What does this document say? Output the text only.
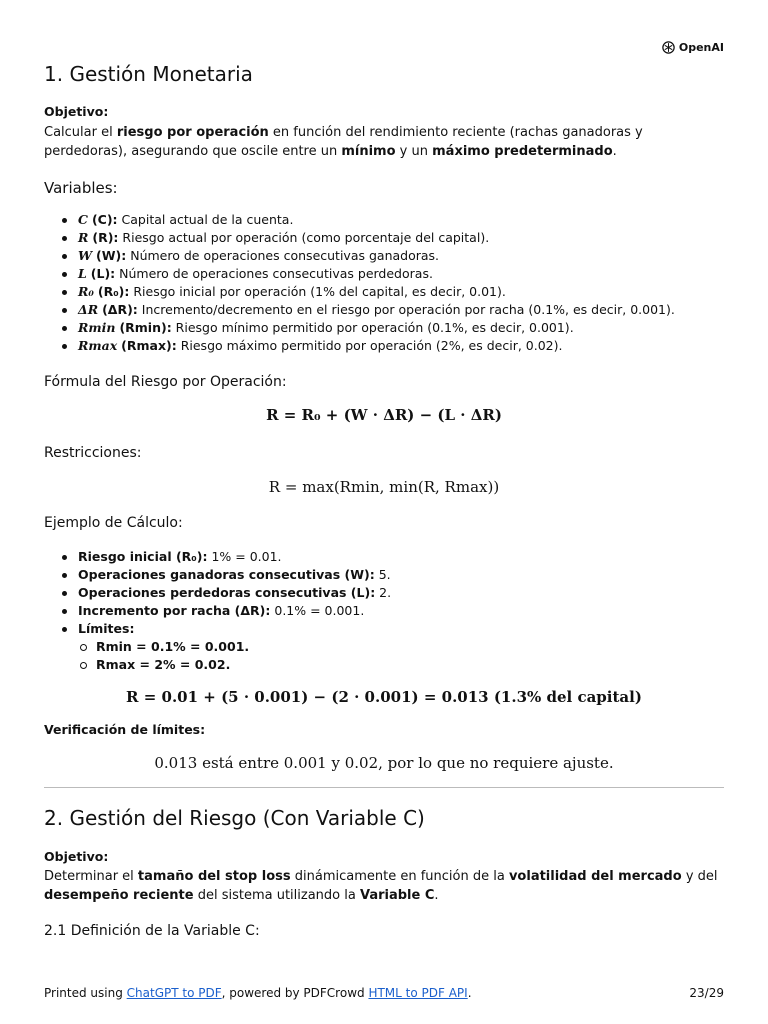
OpenAI
1. Gestión Monetaria
Objetivo:
Calcular el riesgo por operación en función del rendimiento reciente (rachas ganadoras y perdedoras), asegurando que oscile entre un mínimo y un máximo predeterminado.
Variables:
C (C): Capital actual de la cuenta.
R (R): Riesgo actual por operación (como porcentaje del capital).
W (W): Número de operaciones consecutivas ganadoras.
L (L): Número de operaciones consecutivas perdedoras.
R₀ (R₀): Riesgo inicial por operación (1% del capital, es decir, 0.01).
ΔR (ΔR): Incremento/decremento en el riesgo por operación por racha (0.1%, es decir, 0.001).
Rmin (Rmin): Riesgo mínimo permitido por operación (0.1%, es decir, 0.001).
Rmax (Rmax): Riesgo máximo permitido por operación (2%, es decir, 0.02).
Fórmula del Riesgo por Operación:
R = R₀ + (W · ΔR) − (L · ΔR)
Restricciones:
R = max(Rmin, min(R, Rmax))
Ejemplo de Cálculo:
Riesgo inicial (R₀): 1% = 0.01.
Operaciones ganadoras consecutivas (W): 5.
Operaciones perdedoras consecutivas (L): 2.
Incremento por racha (ΔR): 0.1% = 0.001.
Límites:
Rmin = 0.1% = 0.001.
Rmax = 2% = 0.02.
R = 0.01 + (5 · 0.001) − (2 · 0.001) = 0.013 (1.3% del capital)
Verificación de límites:
0.013 está entre 0.001 y 0.02, por lo que no requiere ajuste.
2. Gestión del Riesgo (Con Variable C)
Objetivo:
Determinar el tamaño del stop loss dinámicamente en función de la volatilidad del mercado y del desempeño reciente del sistema utilizando la Variable C.
2.1 Definición de la Variable C:
Printed using ChatGPT to PDF, powered by PDFCrowd HTML to PDF API.	23/29
